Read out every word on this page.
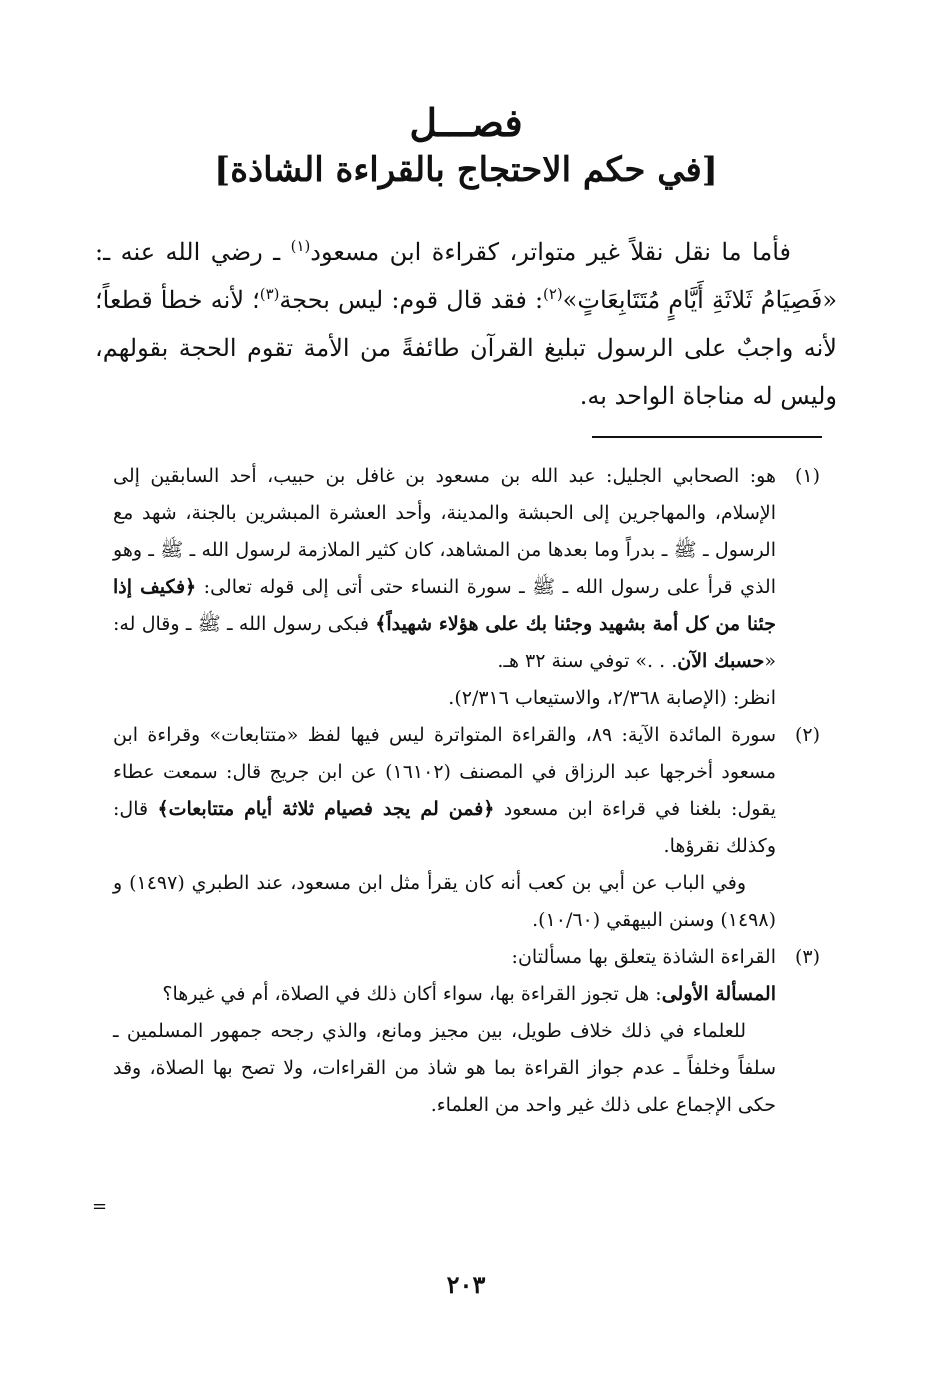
فصـــل
[في حكم الاحتجاج بالقراءة الشاذة]

فأما ما نقل نقلاً غير متواتر، كقراءة ابن مسعود$^{(١)}$ ـ رضي الله عنه ـ: «فَصِيَامُ ثَلاثَةِ أَيَّامٍ مُتَتَابِعَاتٍ»$^{(٢)}$: فقد قال قوم: ليس بحجة$^{(٣)}$؛ لأنه خطأ قطعاً؛ لأنه واجبٌ على الرسول تبليغ القرآن طائفةً من الأمة تقوم الحجة بقولهم، وليس له مناجاة الواحد به.

(١)

هو: الصحابي الجليل: عبد الله بن مسعود بن غافل بن حبيب، أحد السابقين إلى الإسلام، والمهاجرين إلى الحبشة والمدينة، وأحد العشرة المبشرين بالجنة، شهد مع الرسول ـ ﷺ ـ بدراً وما بعدها من المشاهد، كان كثير الملازمة لرسول الله ـ ﷺ ـ وهو الذي قرأ على رسول الله ـ ﷺ ـ سورة النساء حتى أتى إلى قوله تعالى: ﴿فكيف إذا جئنا من كل أمة بشهيد وجئنا بك على هؤلاء شهيداً﴾ فبكى رسول الله ـ ﷺ ـ وقال له: «حسبك الآن. . .» توفي سنة ٣٢ هـ.

انظر: (الإصابة ٢/٣٦٨، والاستيعاب ٢/٣١٦).

(٢)

سورة المائدة الآية: ٨٩، والقراءة المتواترة ليس فيها لفظ «متتابعات» وقراءة ابن مسعود أخرجها عبد الرزاق في المصنف (١٦١٠٢) عن ابن جريج قال: سمعت عطاء يقول: بلغنا في قراءة ابن مسعود ﴿فمن لم يجد فصيام ثلاثة أيام متتابعات﴾ قال: وكذلك نقرؤها.

وفي الباب عن أبي بن كعب أنه كان يقرأ مثل ابن مسعود، عند الطبري (١٤٩٧) و (١٤٩٨) وسنن البيهقي (١٠/٦٠).

(٣)

القراءة الشاذة يتعلق بها مسألتان:

المسألة الأولى: هل تجوز القراءة بها، سواء أكان ذلك في الصلاة، أم في غيرها؟

للعلماء في ذلك خلاف طويل، بين مجيز ومانع، والذي رجحه جمهور المسلمين ـ سلفاً وخلفاً ـ عدم جواز القراءة بما هو شاذ من القراءات، ولا تصح بها الصلاة، وقد حكى الإجماع على ذلك غير واحد من العلماء.

=
٢٠٣
